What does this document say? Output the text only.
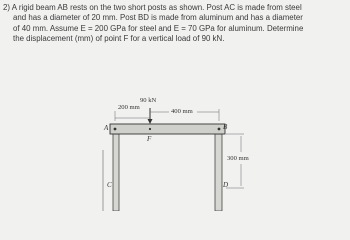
2) A rigid beam AB rests on the two short posts as shown. Post AC is made from steel
and has a diameter of 20 mm. Post BD is made from aluminum and has a diameter
of 40 mm. Assume E = 200 GPa for steel and E = 70 GPa for aluminum. Determine
the displacement (mm) of point F for a vertical load of 90 kN.
90 kN
200 mm
400 mm
300 mm
A	B
F
C	D
